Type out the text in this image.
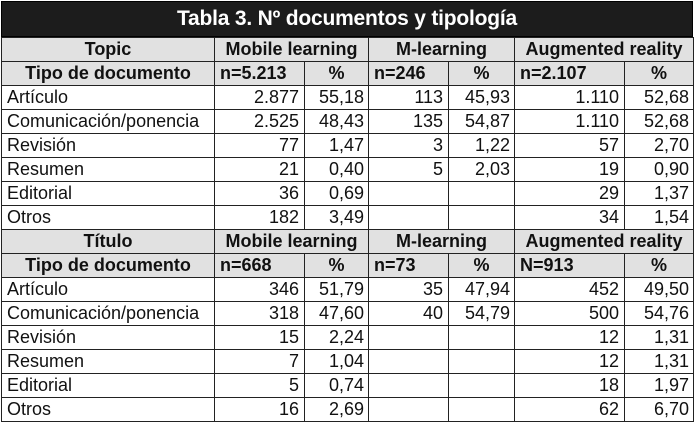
Tabla 3. Nº documentos y tipología
Topic	Mobile learning		M-learning		Augmented reality	
Tipo de documento	n=5.213	%	n=246	%	n=2.107	%
Artículo	2.877	55,18	113	45,93	1.110	52,68
Comunicación/ponencia	2.525	48,43	135	54,87	1.110	52,68
Revisión	77	1,47	3	1,22	57	2,70
Resumen	21	0,40	5	2,03	19	0,90
Editorial	36	0,69			29	1,37
Otros	182	3,49			34	1,54
Título	Mobile learning		M-learning		Augmented reality	
Tipo de documento	n=668	%	n=73	%	N=913	%
Artículo	346	51,79	35	47,94	452	49,50
Comunicación/ponencia	318	47,60	40	54,79	500	54,76
Revisión	15	2,24			12	1,31
Resumen	7	1,04			12	1,31
Editorial	5	0,74			18	1,97
Otros	16	2,69			62	6,70
